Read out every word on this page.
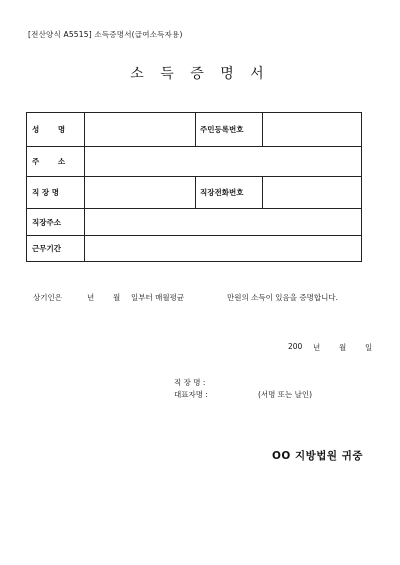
[전산양식 A5515] 소득증명서(급여소득자용)
소 득 증 명 서
성 명		주민등록번호	

주 소			

직 장 명		직장전화번호	

직장주소			

근무기간			
상기인은	년	월 일부터 매월평균	만원의 소득이 있음을 증명합니다.
200 년	월	일
직 장 명 :
대표자명 :	(서명 또는 날인)
OO 지방법원 귀중
